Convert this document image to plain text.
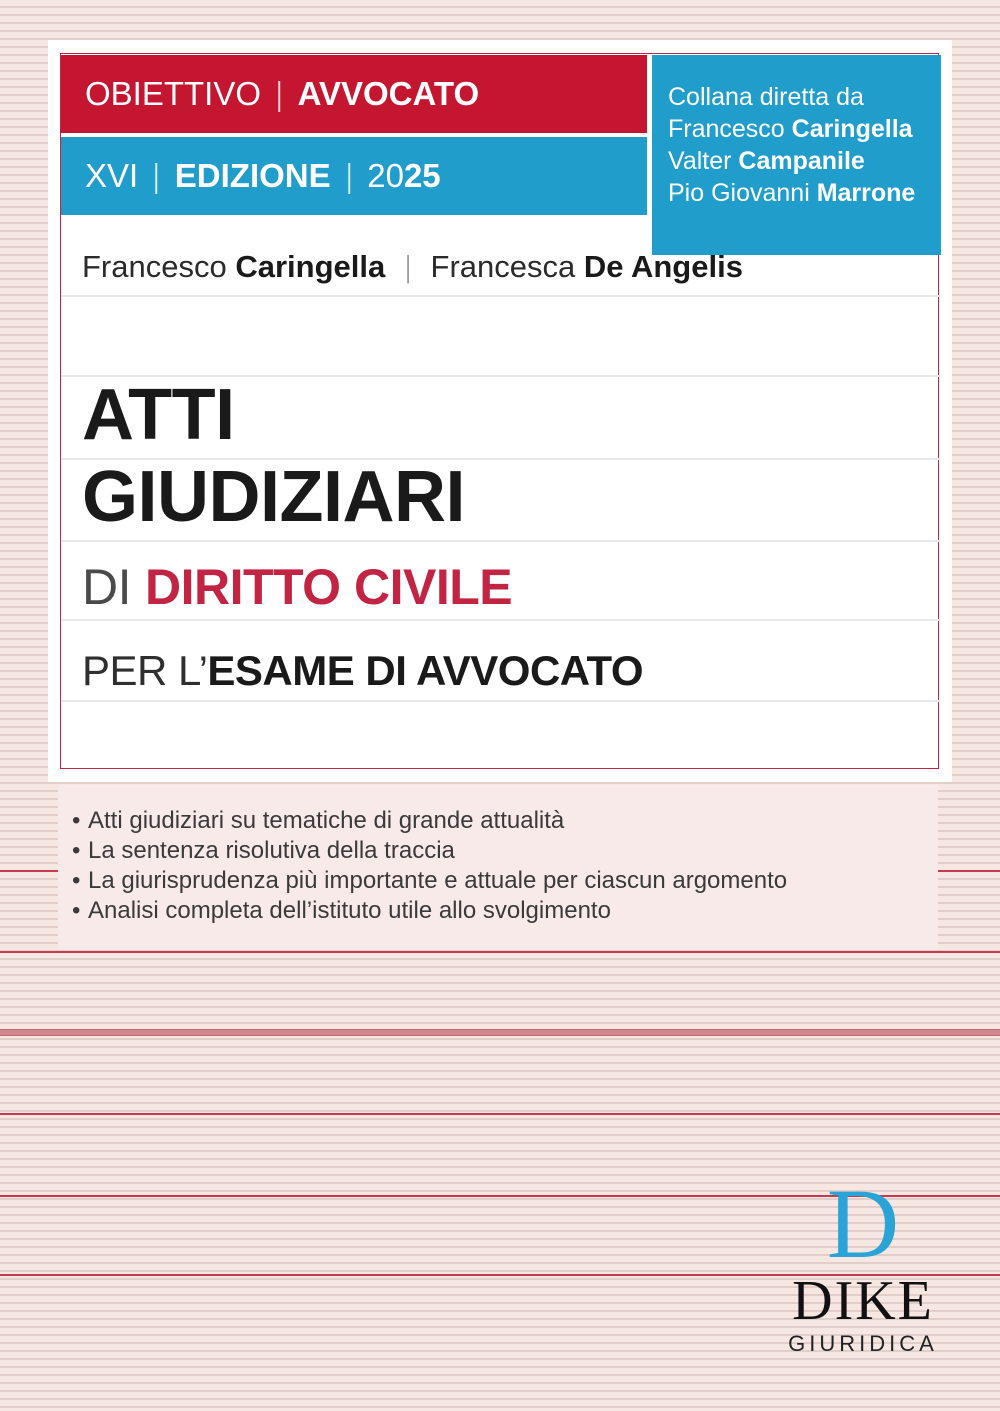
OBIETTIVO | AVVOCATO
XVI | EDIZIONE | 20 25
Collana diretta da
Francesco Caringella
Valter Campanile
Pio Giovanni Marrone
Francesco Caringella | Francesca De Angelis
ATTI
GIUDIZIARI
DI DIRITTO CIVILE
PER L’ ESAME DI AVVOCATO
• Atti giudiziari su tematiche di grande attualità
• La sentenza risolutiva della traccia
• La giurisprudenza più importante e attuale per ciascun argomento
• Analisi completa dell’istituto utile allo svolgimento
D
DIKE
GIURIDICA
